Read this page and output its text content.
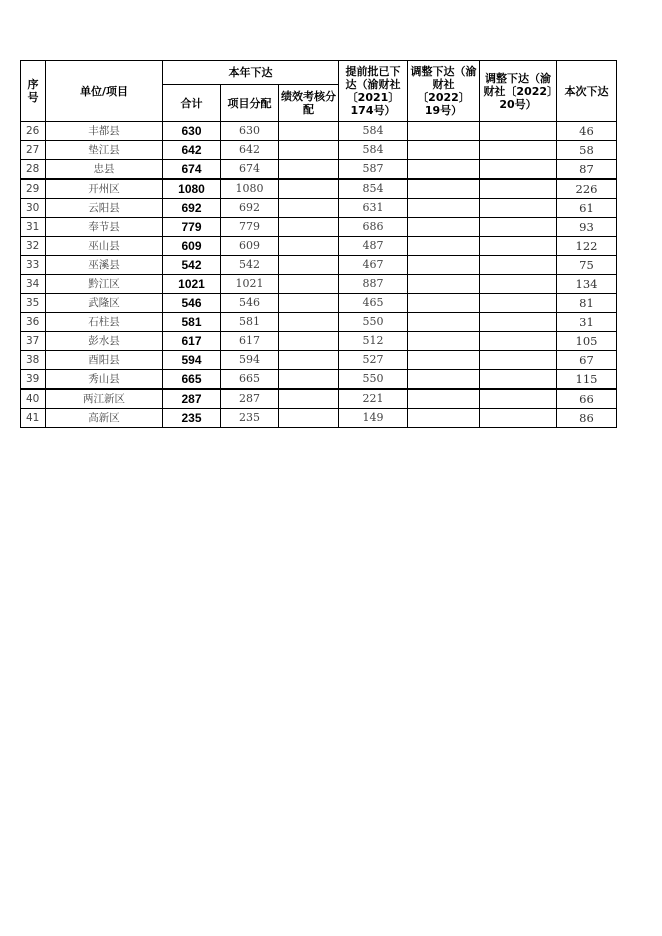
序号	单位/项目	本年下达			提前批已下达（渝财社〔2021〕174号）	调整下达（渝财社〔2022〕19号）	调整下达（渝财社〔2022〕20号）	本次下达
		合计	项目分配	绩效考核分配				
26	丰都县	630	630		584			46
27	垫江县	642	642		584			58
28	忠县	674	674		587			87
29	开州区	1080	1080		854			226
30	云阳县	692	692		631			61
31	奉节县	779	779		686			93
32	巫山县	609	609		487			122
33	巫溪县	542	542		467			75
34	黔江区	1021	1021		887			134
35	武隆区	546	546		465			81
36	石柱县	581	581		550			31
37	彭水县	617	617		512			105
38	酉阳县	594	594		527			67
39	秀山县	665	665		550			115
40	两江新区	287	287		221			66
41	高新区	235	235		149			86
